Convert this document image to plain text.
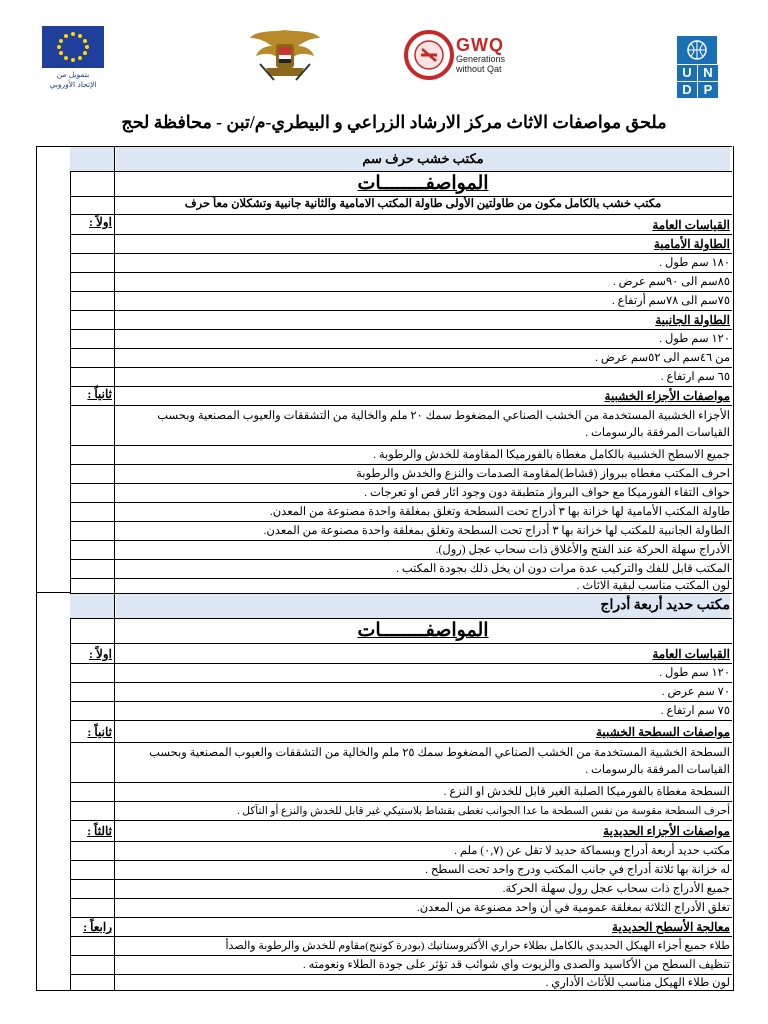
بتمويل من
الإتحاد الأوروبي
GWQ
Generations
without Qat	U N
D P
ملحق مواصفات الاثاث مركز الارشاد الزراعي و البيطري-م/تبن - محافظة لحج
مكتب خشب حرف سم
المواصفــــــــات
مكتب خشب بالكامل مكون من طاولتين الأولى طاولة المكتب الامامية والثانية جانبية وتشكلان معاً حرف
اولاً :	القياسات العامة
الطاولة الأمامية
١٨٠ سم طول .
٨٥سم الى ٩٠سم عرض .
٧٥سم الى ٧٨سم أرتفاع .
الطاولة الجانبية
١٢٠ سم طول .
من ٤٦سم الى ٥٢سم عرض .
٦٥ سم ارتفاع .
ثانياً :	مواصفات الأجزاء الخشبية
الأجزاء الخشبية المستخدمة من الخشب الصناعي المضغوط سمك ٢٠ ملم والخالية من التشققات والعيوب المصنعية وبحسب القياسات المرفقة بالرسومات .
جميع الاسطح الخشبية بالكامل مغطاة بالفورميكا المقاومة للخدش والرطوبة .
احرف المكتب مغطاه ببرواز (قشاط)لمقاومة الصدمات والنزع والخدش والرطوبة
حواف التقاء الفورميكا مع حواف البرواز متطبقة دون وجود اثار قص او تعرجات .
طاولة المكتب الأمامية لها خزانة بها ٣ أدراج تحت السطحة وتغلق بمغلقة واحدة مصنوعة من المعدن.
الطاولة الجانبية للمكتب لها خزانة بها ٣ أدراج تحت السطحة وتغلق بمغلقة واحدة مصنوعة من المعدن.
الأدراج سهلة الحركة عند الفتح والأغلاق ذات سحاب عجل (رول).
المكتب قابل للفك والتركيب عدة مرات دون ان يخل ذلك بجودة المكتب .
لون المكتب مناسب لبقية الاثاث .
مكتب حديد أربعة أدراج
المواصفــــــــات
اولاً :	القياسات العامة
١٢٠ سم طول .
٧٠ سم عرض .
٧٥ سم ارتفاع .
ثانياً :	مواصفات السطحة الخشبية
السطحة الخشبية المستخدمة من الخشب الصناعي المضغوط سمك ٢٥ ملم والخالية من التشققات والعيوب المصنعية وبحسب القياسات المرفقة بالرسومات .
السطحة مغطاة بالفورميكا الصلبة الغير قابل للخدش او النزع .
أحرف السطحة مقوسة من نفس السطحة ما عدا الجوانب تغطى بقشاط بلاستيكي غير قابل للخدش والنزع أو التآكل .
ثالثاً :	مواصفات الأجزاء الحديدية
مكتب حديد أربعة أدراج وبسماكة حديد لا تقل عن (٠,٧) ملم .
له خزانة بها ثلاثة أدراج في جانب المكتب ودرج واحد تحت السطح .
جميع الأدراج ذات سحاب عجل رول سهلة الحركة.
تغلق الأدراج الثلاثة بمغلقة عمومية في أن واحد مصنوعة من المعدن.
رابعاً :	معالجة الأسطح الحديدية
طلاء جميع أجزاء الهيكل الحديدي بالكامل بطلاء حراري الأكتروستاتيك (بودرة كوتنج)مقاوم للخدش والرطوبة والصدأ
تنظيف السطح من الأكاسيد والصدى والزيوت واي شوائب قد تؤثر على جودة الطلاء ونعومته .
لون طلاء الهيكل مناسب للأثاث الأداري .
